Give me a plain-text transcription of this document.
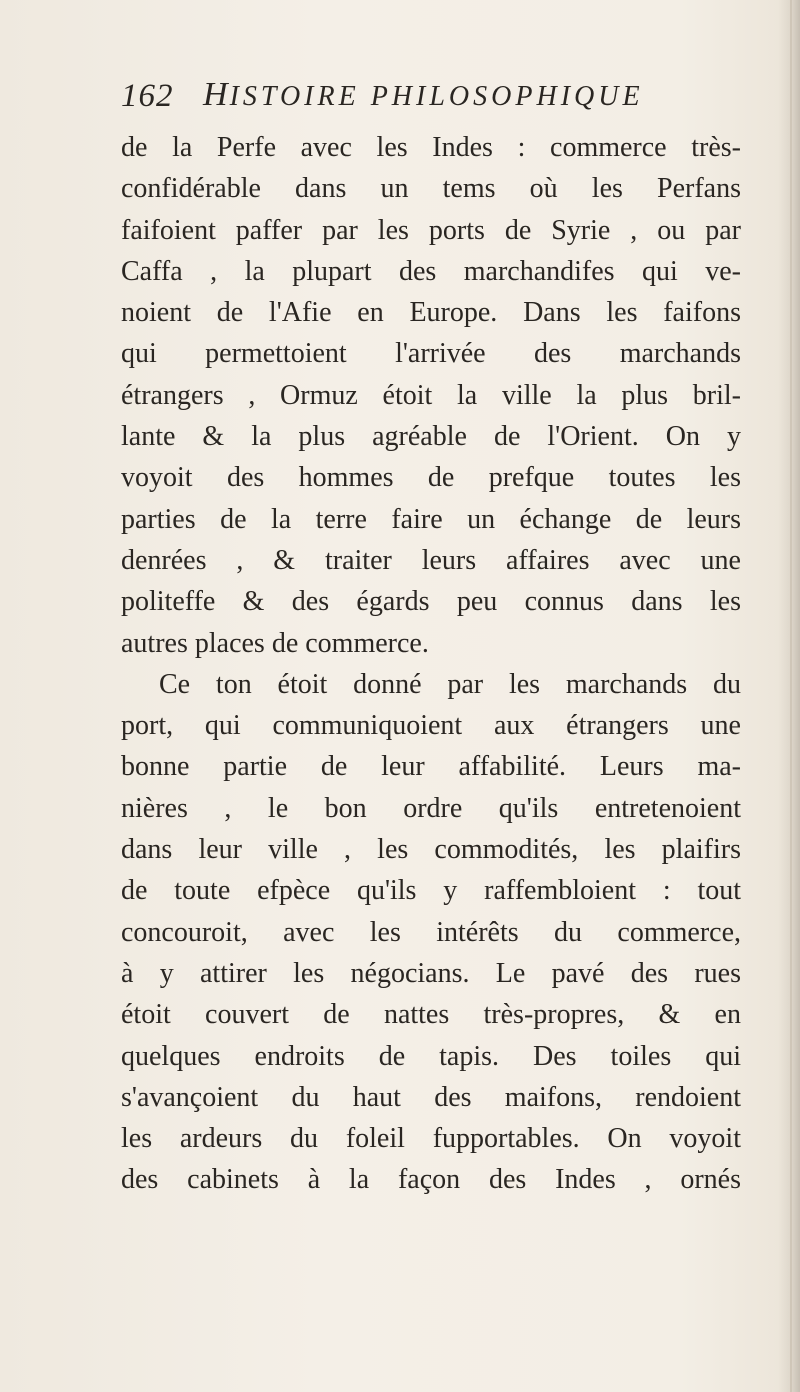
162 HISTOIRE PHILOSOPHIQUE
de la Perfe avec les Indes : commerce très-
confidérable dans un tems où les Perfans
faifoient paffer par les ports de Syrie , ou par
Caffa , la plupart des marchandifes qui ve-
noient de l'Afie en Europe. Dans les faifons
qui permettoient l'arrivée des marchands
étrangers , Ormuz étoit la ville la plus bril-
lante & la plus agréable de l'Orient. On y
voyoit des hommes de prefque toutes les
parties de la terre faire un échange de leurs
denrées , & traiter leurs affaires avec une
politeffe & des égards peu connus dans les
autres places de commerce.
Ce ton étoit donné par les marchands du
port, qui communiquoient aux étrangers une
bonne partie de leur affabilité. Leurs ma-
nières , le bon ordre qu'ils entretenoient
dans leur ville , les commodités, les plaifirs
de toute efpèce qu'ils y raffembloient : tout
concouroit, avec les intérêts du commerce,
à y attirer les négocians. Le pavé des rues
étoit couvert de nattes très-propres, & en
quelques endroits de tapis. Des toiles qui
s'avançoient du haut des maifons, rendoient
les ardeurs du foleil fupportables. On voyoit
des cabinets à la façon des Indes , ornés
